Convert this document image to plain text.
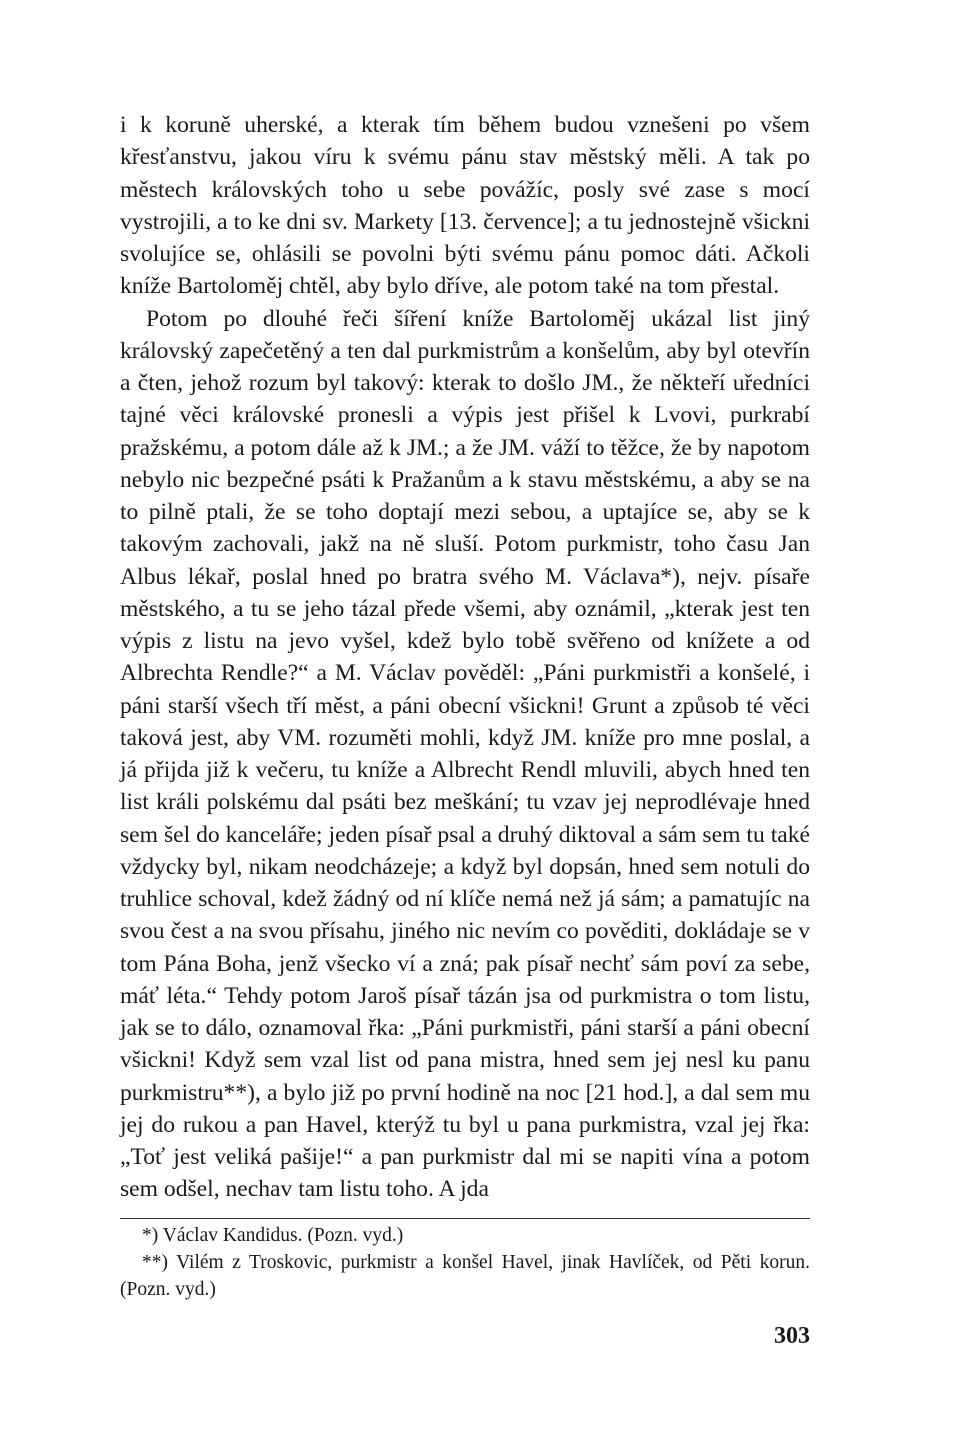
i k koruně uherské, a kterak tím během budou vznešeni po všem křesťanstvu, jakou víru k svému pánu stav městský měli. A tak po městech královských toho u sebe povážíc, posly své zase s mocí vystrojili, a to ke dni sv. Markety [13. července]; a tu jednostejně všickni svolujíce se, ohlásili se povolni býti svému pánu pomoc dáti. Ačkoli kníže Bartoloměj chtěl, aby bylo dříve, ale potom také na tom přestal.

Potom po dlouhé řeči šíření kníže Bartoloměj ukázal list jiný královský zapečetěný a ten dal purkmistrům a konšelům, aby byl otevřín a čten, jehož rozum byl takový: kterak to došlo JM., že někteří uředníci tajné věci královské pronesli a výpis jest přišel k Lvovi, purkrabí pražskému, a potom dále až k JM.; a že JM. váží to těžce, že by napotom nebylo nic bezpečné psáti k Pražanům a k stavu městskému, a aby se na to pilně ptali, že se toho doptají mezi sebou, a uptajíce se, aby se k takovým zachovali, jakž na ně sluší. Potom purkmistr, toho času Jan Albus lékař, poslal hned po bratra svého M. Václava*), nejv. písaře městského, a tu se jeho tázal přede všemi, aby oznámil, „kterak jest ten výpis z listu na jevo vyšel, kdež bylo tobě svěřeno od knížete a od Albrechta Rendle?“ a M. Václav pověděl: „Páni purkmistři a konšelé, i páni starší všech tří měst, a páni obecní všickni! Grunt a způsob té věci taková jest, aby VM. rozuměti mohli, když JM. kníže pro mne poslal, a já přijda již k večeru, tu kníže a Albrecht Rendl mluvili, abych hned ten list králi polskému dal psáti bez meškání; tu vzav jej neprodlévaje hned sem šel do kanceláře; jeden písař psal a druhý diktoval a sám sem tu také vždycky byl, nikam neodcházeje; a když byl dopsán, hned sem notuli do truhlice schoval, kdež žádný od ní klíče nemá než já sám; a pamatujíc na svou čest a na svou přísahu, jiného nic nevím co pověditi, dokládaje se v tom Pána Boha, jenž všecko ví a zná; pak písař nechť sám poví za sebe, máť léta.“ Tehdy potom Jaroš písař tázán jsa od purkmistra o tom listu, jak se to dálo, oznamoval řka: „Páni purkmistři, páni starší a páni obecní všickni! Když sem vzal list od pana mistra, hned sem jej nesl ku panu purkmistru**), a bylo již po první hodině na noc [21 hod.], a dal sem mu jej do rukou a pan Havel, kterýž tu byl u pana purkmistra, vzal jej řka: „Toť jest veliká pašije!“ a pan purkmistr dal mi se napiti vína a potom sem odšel, nechav tam listu toho. A jda

*) Václav Kandidus. (Pozn. vyd.)

**) Vilém z Troskovic, purkmistr a konšel Havel, jinak Havlíček, od Pěti korun. (Pozn. vyd.)

303
